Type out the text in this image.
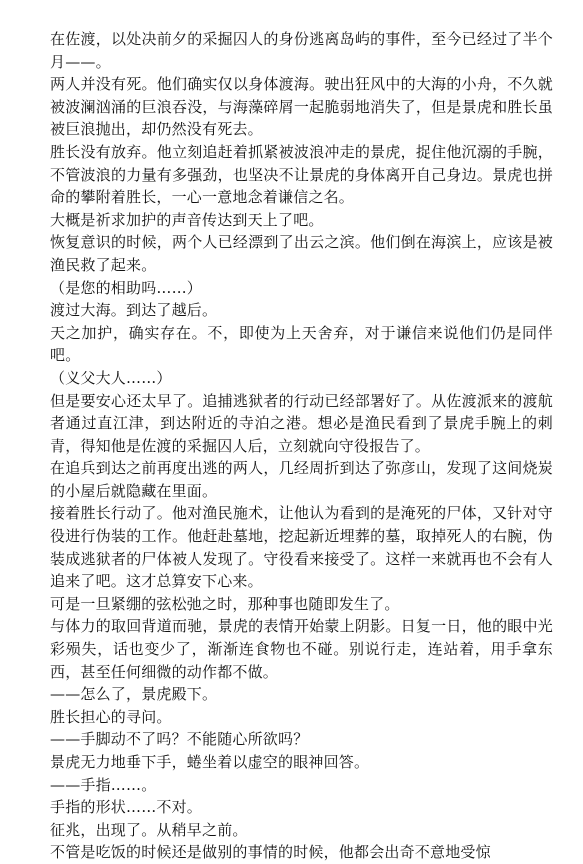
在佐渡，以处决前夕的采掘囚人的身份逃离岛屿的事件，至今已经过了半个月——。

两人并没有死。他们确实仅以身体渡海。驶出狂风中的大海的小舟，不久就被波澜汹涌的巨浪吞没，与海藻碎屑一起脆弱地消失了，但是景虎和胜长虽被巨浪抛出，却仍然没有死去。

胜长没有放弃。他立刻追赶着抓紧被波浪冲走的景虎，捉住他沉溺的手腕，不管波浪的力量有多强劲，也坚决不让景虎的身体离开自己身边。景虎也拼命的攀附着胜长，一心一意地念着谦信之名。

大概是祈求加护的声音传达到天上了吧。

恢复意识的时候，两个人已经漂到了出云之滨。他们倒在海滨上，应该是被渔民救了起来。

（是您的相助吗……）

渡过大海。到达了越后。

天之加护，确实存在。不，即使为上天舍弃，对于谦信来说他们仍是同伴吧。

（义父大人……）

但是要安心还太早了。追捕逃狱者的行动已经部署好了。从佐渡派来的渡航者通过直江津，到达附近的寺泊之港。想必是渔民看到了景虎手腕上的刺青，得知他是佐渡的采掘囚人后，立刻就向守役报告了。

在追兵到达之前再度出逃的两人，几经周折到达了弥彦山，发现了这间烧炭的小屋后就隐藏在里面。

接着胜长行动了。他对渔民施术，让他认为看到的是淹死的尸体，又针对守役进行伪装的工作。他赶赴墓地，挖起新近埋葬的墓，取掉死人的右腕，伪装成逃狱者的尸体被人发现了。守役看来接受了。这样一来就再也不会有人追来了吧。这才总算安下心来。

可是一旦紧绷的弦松弛之时，那种事也随即发生了。

与体力的取回背道而驰，景虎的表情开始蒙上阴影。日复一日，他的眼中光彩殒失，话也变少了，渐渐连食物也不碰。别说行走，连站着，用手拿东西，甚至任何细微的动作都不做。

——怎么了，景虎殿下。

胜长担心的寻问。

——手脚动不了吗？不能随心所欲吗？

景虎无力地垂下手，蜷坐着以虚空的眼神回答。

——手指……。

手指的形状……不对。

征兆，出现了。从稍早之前。

不管是吃饭的时候还是做别的事情的时候，他都会出奇不意地受惊
